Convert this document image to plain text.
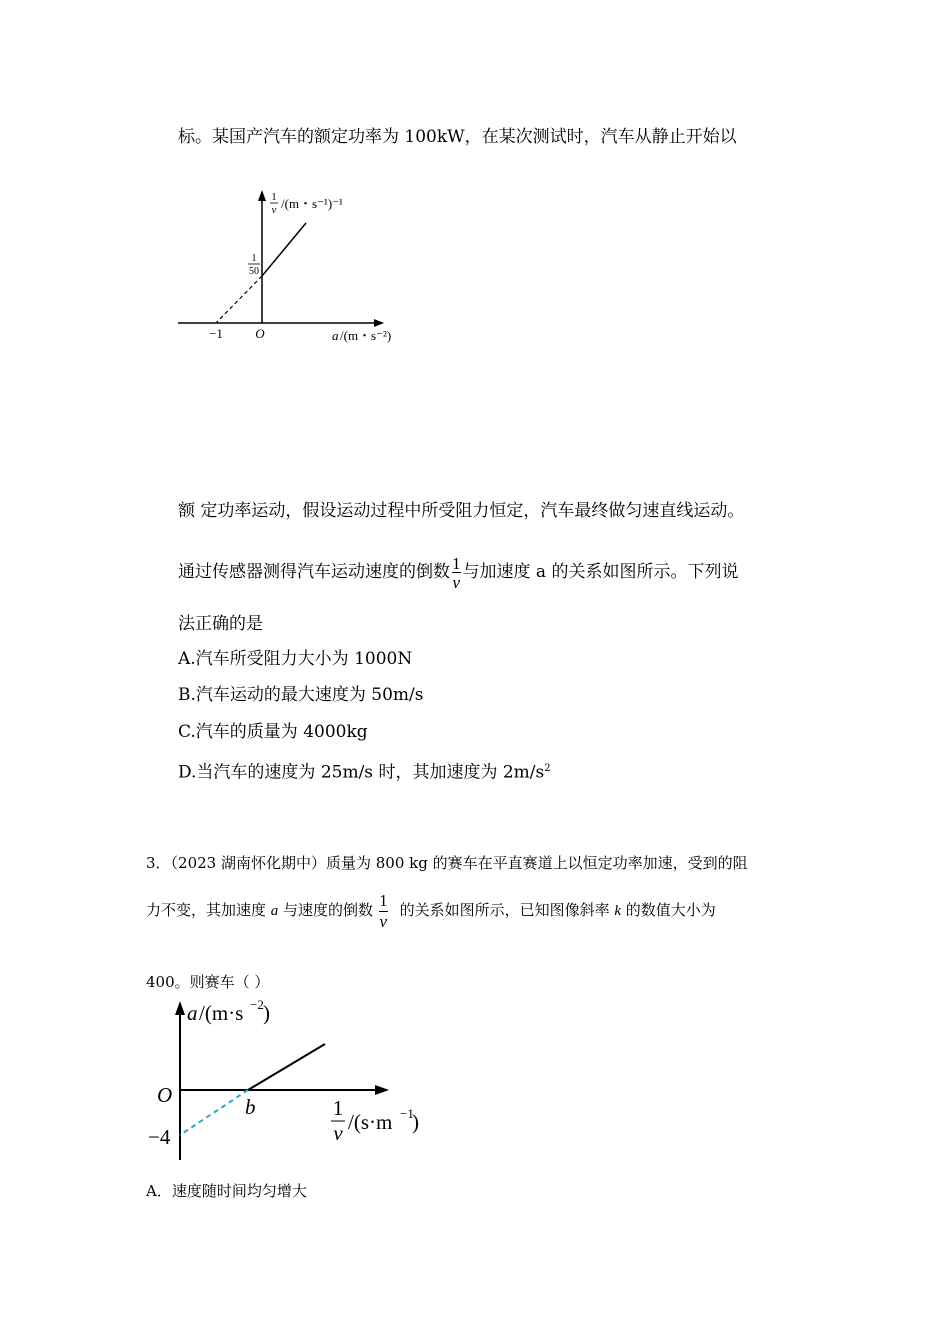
标。某国产汽车的额定功率为 100kW，在某次测试时，汽车从静止开始以
1
v /(m・s⁻¹)⁻¹
1
50
−1 O	a /(m・s⁻²)
额 定功率运动，假设运动过程中所受阻力恒定，汽车最终做匀速直线运动。
通过传感器测得汽车运动速度的倒数 $\frac{1}{v}$ 与加速度 a 的关系如图所示。下列说
法正确的是
A.汽车所受阻力大小为 1000N
B.汽车运动的最大速度为 50m/s
C.汽车的质量为 4000kg
D.当汽车的速度为 25m/s 时，其加速度为 $2m/s^2$
3．（2023 湖南怀化期中）质量为 800 kg 的赛车在平直赛道上以恒定功率加速，受到的阻
力不变，其加速度 a 与速度的倒数 $\frac{1}{v}$ 的关系如图所示，已知图像斜率 k 的数值大小为
400。则赛车（ ）
a /(m·s −2 )
O	b
−4
1
v /(s·m −1
)
A．速度随时间均匀增大
